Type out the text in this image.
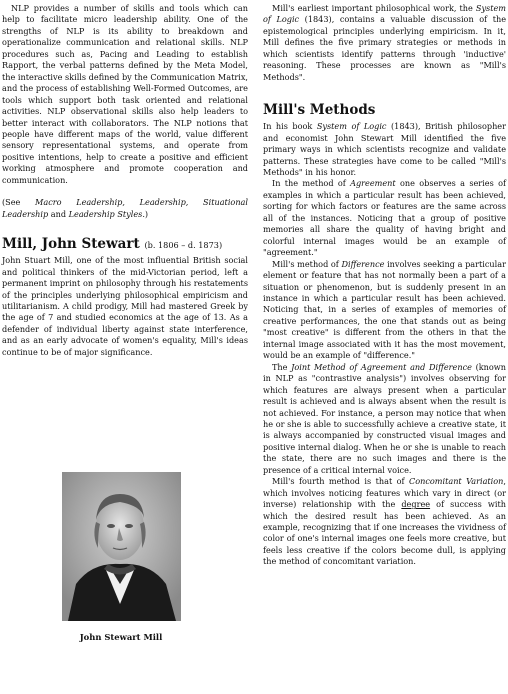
NLP provides a number of skills and tools which can help to facilitate micro leadership ability. One of the strengths of NLP is its ability to breakdown and operationalize communication and relational skills. NLP procedures such as, Pacing and Leading to establish Rapport, the verbal patterns defined by the Meta Model, the interactive skills defined by the Communication Matrix, and the process of establishing Well-Formed Outcomes, are tools which support both task oriented and relational activities. NLP observational skills also help leaders to better interact with collaborators. The NLP notions that people have different maps of the world, value different sensory representational systems, and operate from positive intentions, help to create a positive and efficient working atmosphere and promote cooperation and communication.

(See Macro Leadership, Leadership, Situational Leadership and Leadership Styles.)

Mill, John Stewart (b. 1806 – d. 1873)

John Stuart Mill, one of the most influential British social and political thinkers of the mid-Victorian period, left a permanent imprint on philosophy through his restatements of the principles underlying philosophical empiricism and utilitarianism. A child prodigy, Mill had mastered Greek by the age of 7 and studied economics at the age of 13. As a defender of individual liberty against state interference, and as an early advocate of women's equality, Mill's ideas continue to be of major significance.

John Stewart Mill

Mill's earliest important philosophical work, the System of Logic (1843), contains a valuable discussion of the epistemological principles underlying empiricism. In it, Mill defines the five primary strategies or methods in which scientists identify patterns through 'inductive' reasoning. These processes are known as "Mill's Methods".

Mill's Methods

In his book System of Logic (1843), British philosopher and economist John Stewart Mill identified the five primary ways in which scientists recognize and validate patterns. These strategies have come to be called "Mill's Methods" in his honor.

In the method of Agreement one observes a series of examples in which a particular result has been achieved, sorting for which factors or features are the same across all of the instances. Noticing that a group of positive memories all share the quality of having bright and colorful internal images would be an example of "agreement."

Mill's method of Difference involves seeking a particular element or feature that has not normally been a part of a situation or phenomenon, but is suddenly present in an instance in which a particular result has been achieved. Noticing that, in a series of examples of memories of creative performances, the one that stands out as being "most creative" is different from the others in that the internal image associated with it has the most movement, would be an example of "difference."

The Joint Method of Agreement and Difference (known in NLP as "contrastive analysis") involves observing for which features are always present when a particular result is achieved and is always absent when the result is not achieved. For instance, a person may notice that when he or she is able to successfully achieve a creative state, it is always accompanied by constructed visual images and positive internal dialog. When he or she is unable to reach the state, there are no such images and there is the presence of a critical internal voice.

Mill's fourth method is that of Concomitant Variation, which involves noticing features which vary in direct (or inverse) relationship with the degree of success with which the desired result has been achieved. As an example, recognizing that if one increases the vividness of color of one's internal images one feels more creative, but feels less creative if the colors become dull, is applying the method of concomitant variation.
